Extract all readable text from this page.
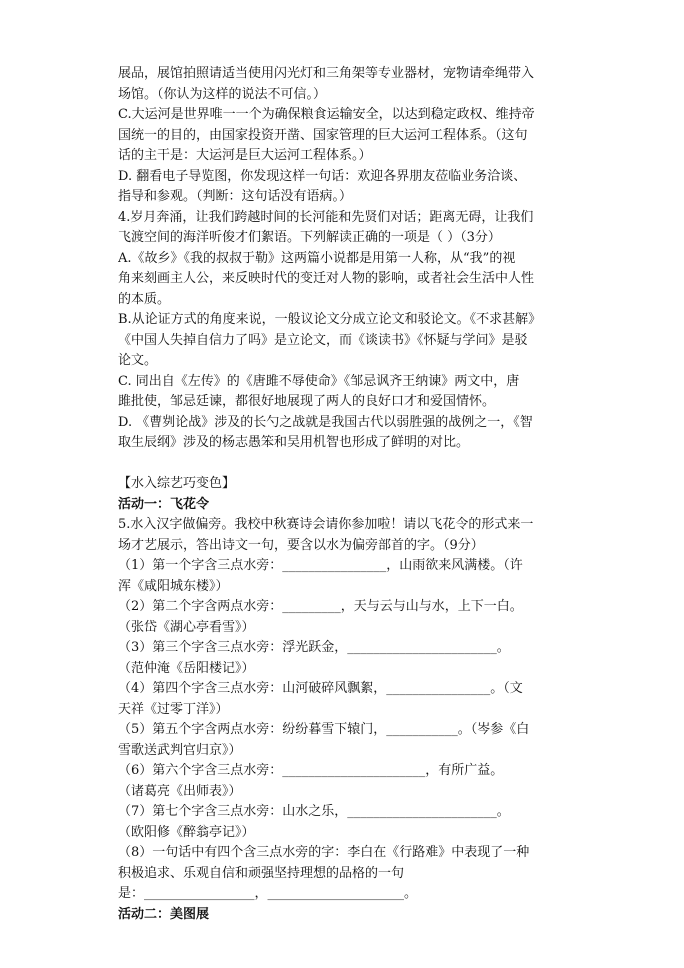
展品，展馆拍照请适当使用闪光灯和三角架等专业器材，宠物请牵绳带入
场馆。（你认为这样的说法不可信。）
C.大运河是世界唯一一个为确保粮食运输安全，以达到稳定政权、维持帝
国统一的目的，由国家投资开凿、国家管理的巨大运河工程体系。（这句
话的主干是：大运河是巨大运河工程体系。）
D. 翻看电子导览图，你发现这样一句话：欢迎各界朋友莅临业务洽谈、
指导和参观。（判断：这句话没有语病。）
4.岁月奔涌，让我们跨越时间的长河能和先贤们对话；距离无碍，让我们
飞渡空间的海洋听俊才们絮语。下列解读正确的一项是（ ）（3分）
A.《故乡》《我的叔叔于勒》这两篇小说都是用第一人称，从“我”的视
角来刻画主人公，来反映时代的变迁对人物的影响，或者社会生活中人性
的本质。
B.从论证方式的角度来说，一般议论文分成立论文和驳论文。《不求甚解》
《中国人失掉自信力了吗》是立论文，而《谈读书》《怀疑与学问》是驳
论文。
C. 同出自《左传》的《唐雎不辱使命》《邹忌讽齐王纳谏》两文中，唐
雎批使，邹忌廷谏，都很好地展现了两人的良好口才和爱国情怀。
D. 《曹刿论战》涉及的长勺之战就是我国古代以弱胜强的战例之一，《智
取生辰纲》涉及的杨志愚笨和吴用机智也形成了鲜明的对比。
【水入综艺巧变色】
活动一：飞花令
5.水入汉字做偏旁。我校中秋赛诗会请你参加啦！请以飞花令的形式来一
场才艺展示，答出诗文一句，要含以水为偏旁部首的字。（9分）
（1）第一个字含三点水旁：________________，山雨欲来风满楼。（许
浑《咸阳城东楼》）
（2）第二个字含两点水旁：_________，天与云与山与水，上下一白。
（张岱《湖心亭看雪》）
（3）第三个字含三点水旁：浮光跃金，_______________________。
（范仲淹《岳阳楼记》）
（4）第四个字含三点水旁：山河破碎风飘絮，________________。（文
天祥《过零丁洋》）
（5）第五个字含两点水旁：纷纷暮雪下辕门，___________。（岑参《白
雪歌送武判官归京》）
（6）第六个字含三点水旁：______________________，有所广益。
（诸葛亮《出师表》）
（7）第七个字含三点水旁：山水之乐，_______________________。
（欧阳修《醉翁亭记》）
（8）一句话中有四个含三点水旁的字：李白在《行路难》中表现了一种
积极追求、乐观自信和顽强坚持理想的品格的一句
是：_________________，_____________________。
活动二：美图展
